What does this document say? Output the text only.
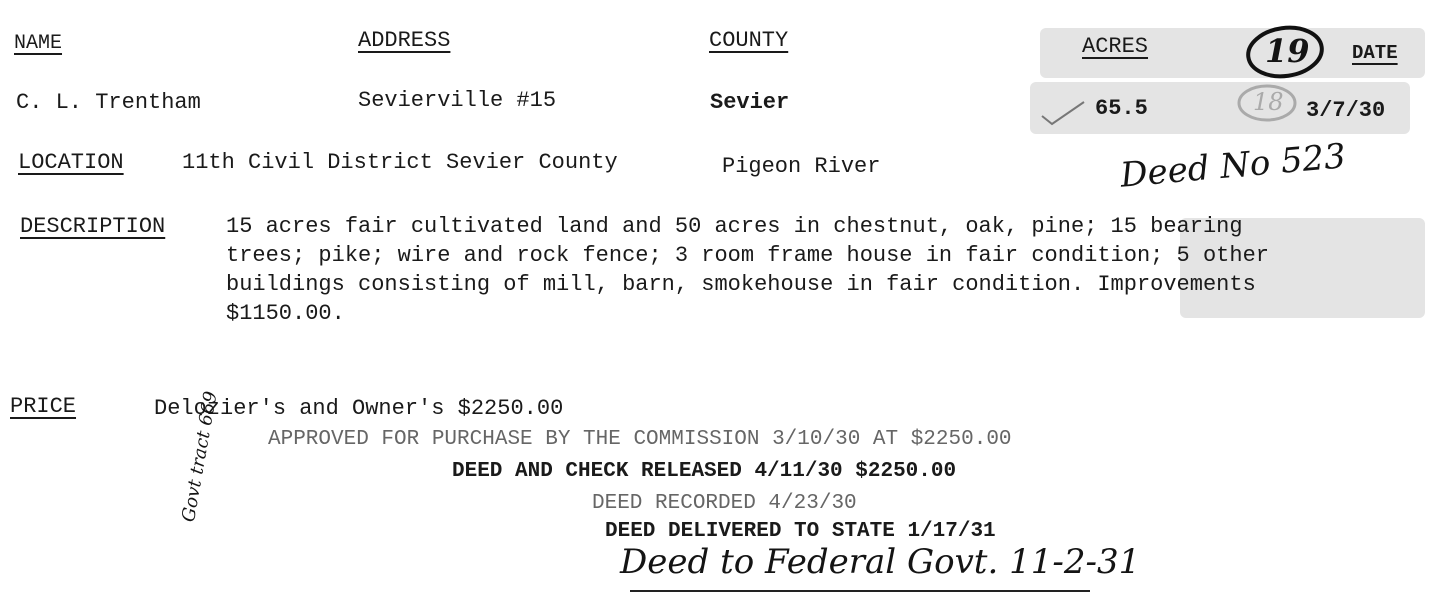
NAME	ADDRESS	COUNTY	ACRES	DATE
19
C. L. Trentham	Sevierville #15	Sevier	65.5	18 3/7/30
LOCATION	11th Civil District Sevier County	Pigeon River	Deed No 523
DESCRIPTION	15 acres fair cultivated land and 50 acres in chestnut, oak, pine; 15 bearing
trees; pike; wire and rock fence; 3 room frame house in fair condition; 5 other
buildings consisting of mill, barn, smokehouse in fair condition. Improvements
$1150.00.
PRICE	Delozier's and Owner's $2250.00
APPROVED FOR PURCHASE BY THE COMMISSION 3/10/30 AT $2250.00
DEED AND CHECK RELEASED 4/11/30 $2250.00
DEED RECORDED 4/23/30
DEED DELIVERED TO STATE 1/17/31
Deed to Federal Govt. 11-2-31
Govt tract 669
